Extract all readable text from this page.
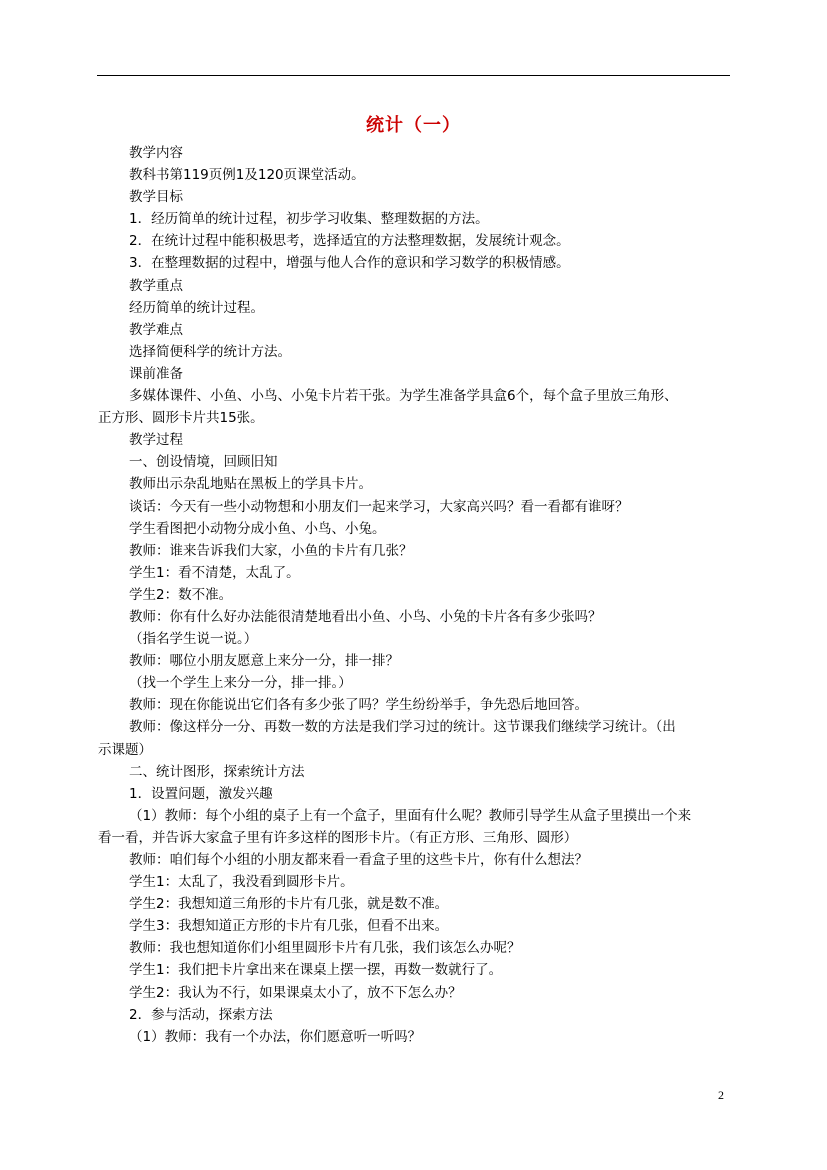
统计（一）

教学内容

教科书第119页例1及120页课堂活动。

教学目标

1．经历简单的统计过程，初步学习收集、整理数据的方法。

2．在统计过程中能积极思考，选择适宜的方法整理数据，发展统计观念。

3．在整理数据的过程中，增强与他人合作的意识和学习数学的积极情感。

教学重点

经历简单的统计过程。

教学难点

选择简便科学的统计方法。

课前准备

多媒体课件、小鱼、小鸟、小兔卡片若干张。为学生准备学具盒6个，每个盒子里放三角形、

正方形、圆形卡片共15张。

教学过程

一、创设情境，回顾旧知

教师出示杂乱地贴在黑板上的学具卡片。

谈话：今天有一些小动物想和小朋友们一起来学习，大家高兴吗？看一看都有谁呀？

学生看图把小动物分成小鱼、小鸟、小兔。

教师：谁来告诉我们大家，小鱼的卡片有几张？

学生1：看不清楚，太乱了。

学生2：数不准。

教师：你有什么好办法能很清楚地看出小鱼、小鸟、小兔的卡片各有多少张吗？

（指名学生说一说。）

教师：哪位小朋友愿意上来分一分，排一排？

（找一个学生上来分一分，排一排。）

教师：现在你能说出它们各有多少张了吗？学生纷纷举手，争先恐后地回答。

教师：像这样分一分、再数一数的方法是我们学习过的统计。这节课我们继续学习统计。（出

示课题）

二、统计图形，探索统计方法

1．设置问题，激发兴趣

（1）教师：每个小组的桌子上有一个盒子，里面有什么呢？教师引导学生从盒子里摸出一个来

看一看，并告诉大家盒子里有许多这样的图形卡片。（有正方形、三角形、圆形）

教师：咱们每个小组的小朋友都来看一看盒子里的这些卡片，你有什么想法？

学生1：太乱了，我没看到圆形卡片。

学生2：我想知道三角形的卡片有几张，就是数不准。

学生3：我想知道正方形的卡片有几张，但看不出来。

教师：我也想知道你们小组里圆形卡片有几张，我们该怎么办呢？

学生1：我们把卡片拿出来在课桌上摆一摆，再数一数就行了。

学生2：我认为不行，如果课桌太小了，放不下怎么办？

2．参与活动，探索方法

（1）教师：我有一个办法，你们愿意听一听吗？

2
